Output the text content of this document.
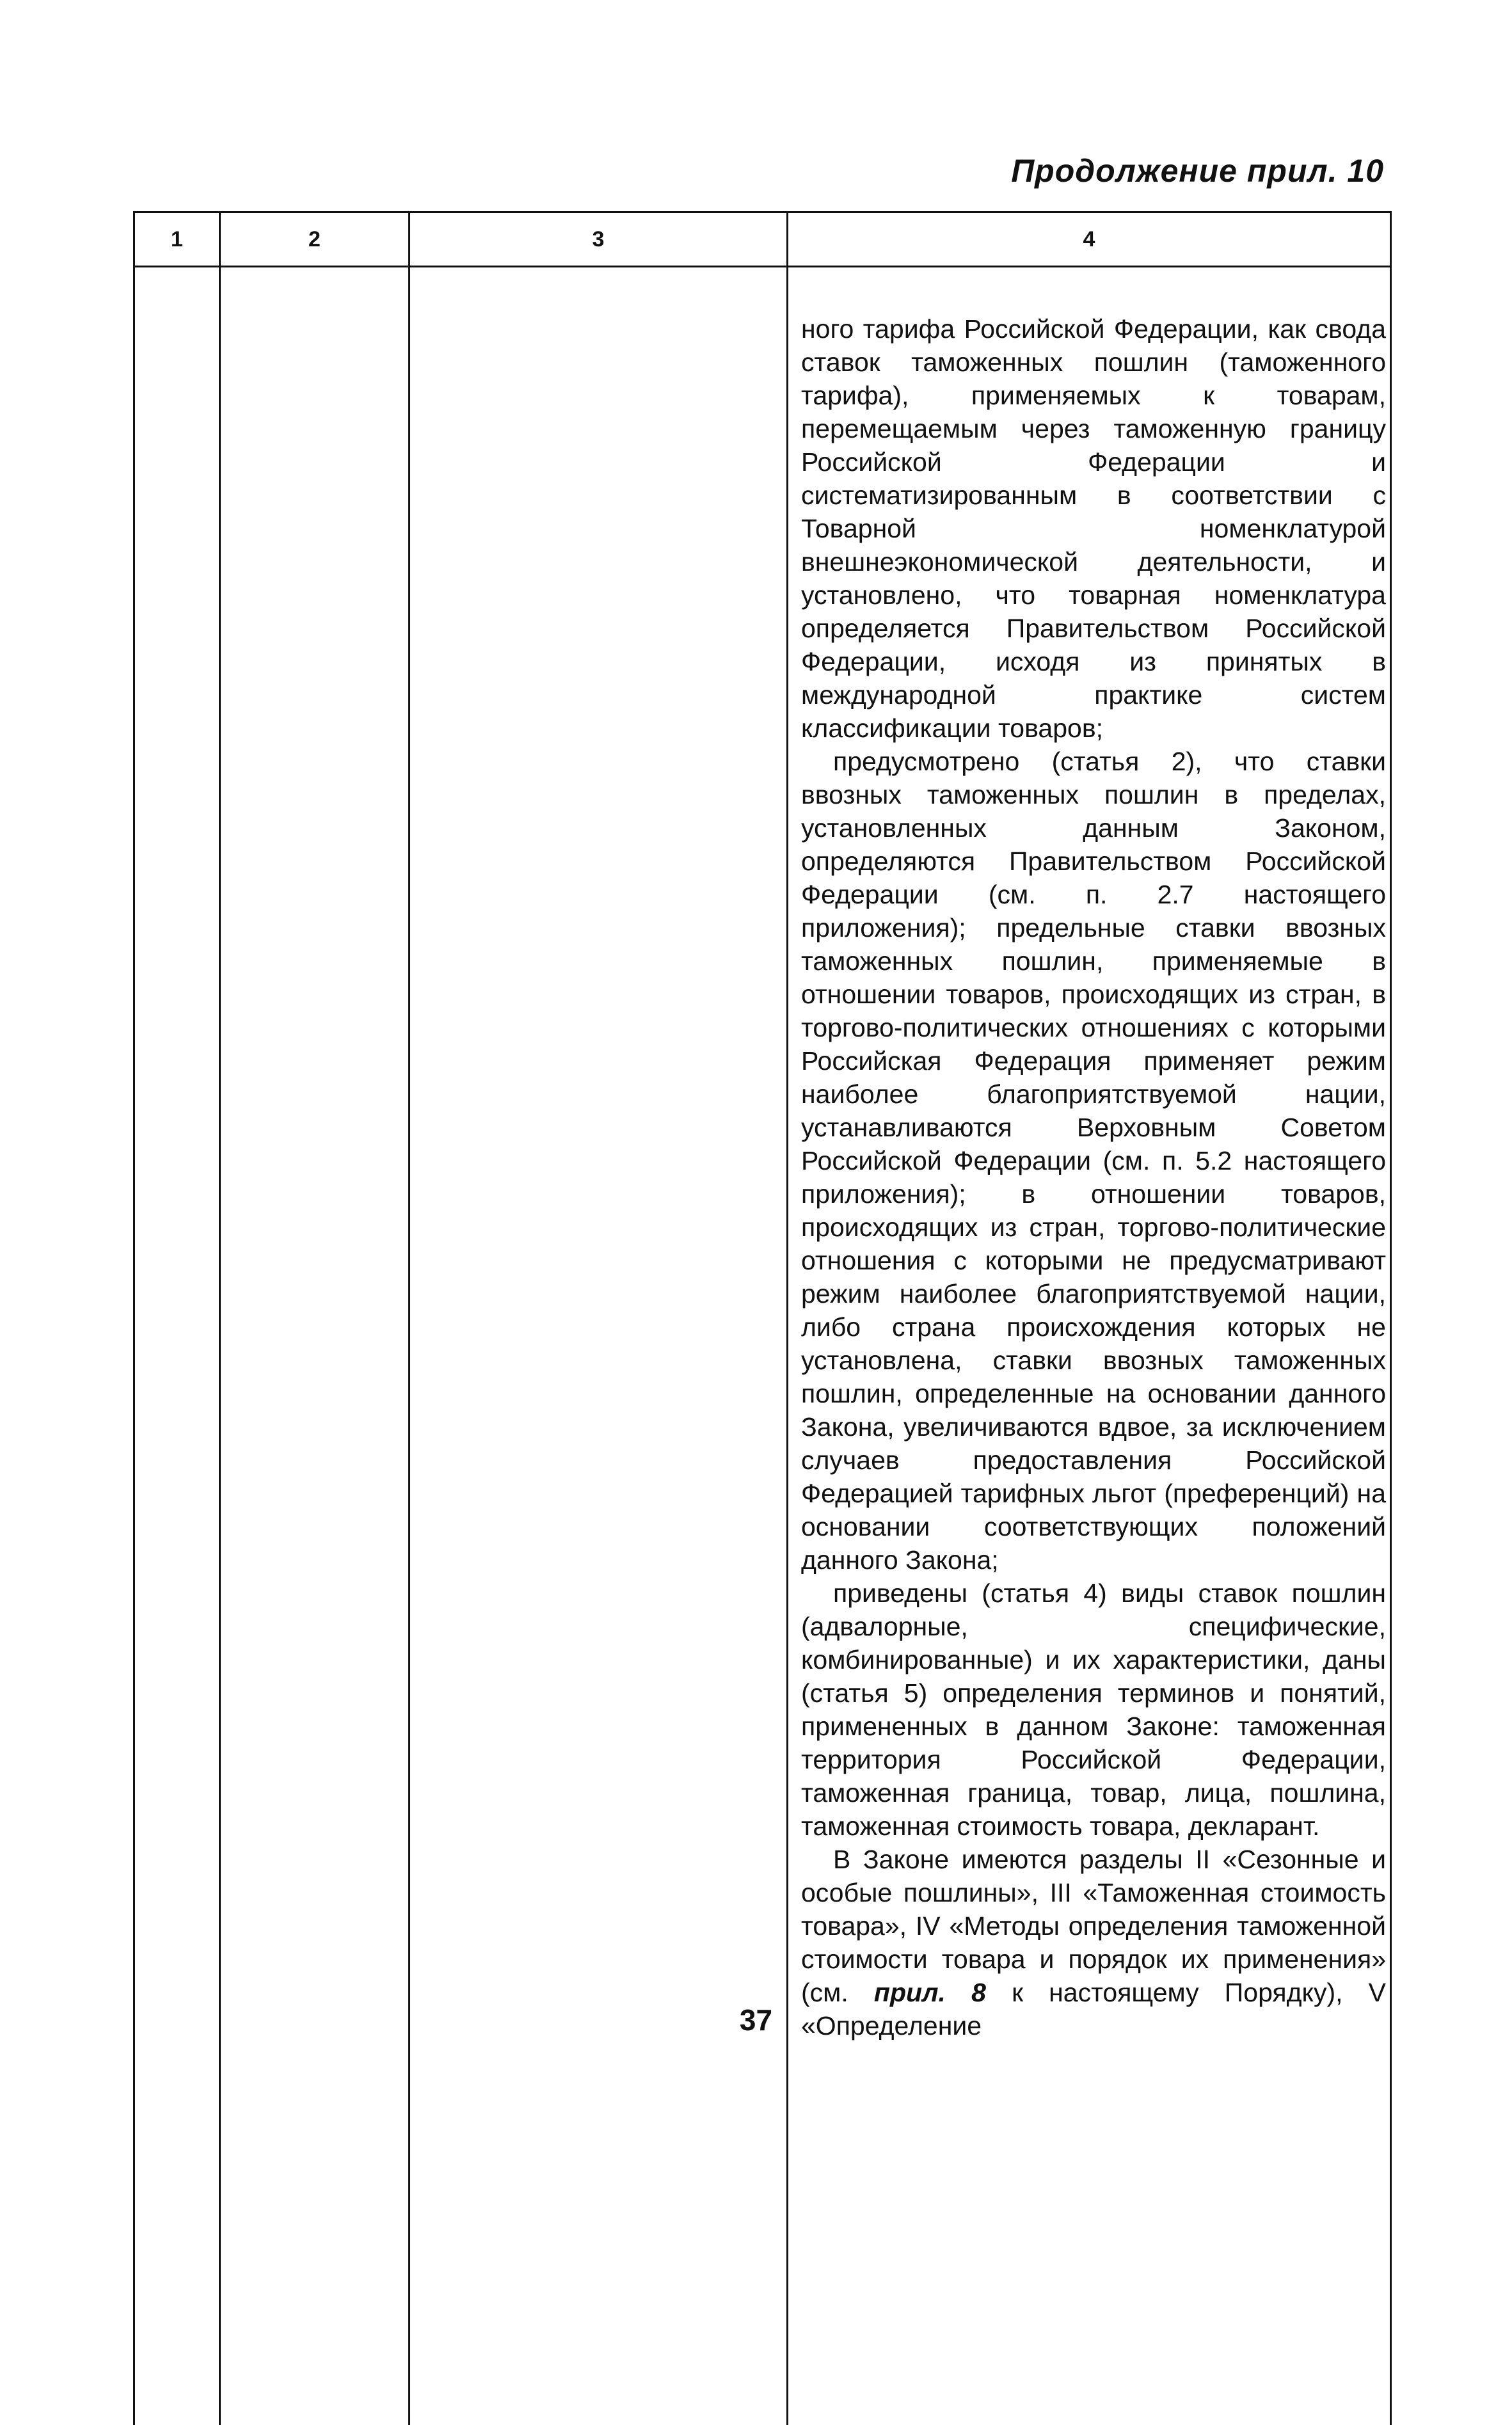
Продолжение прил. 10
1	2	3	4

			ного тарифа Российской Федерации, как свода ставок таможенных пошлин (таможенного тарифа), применяемых к товарам, перемещаемым через таможенную границу Российской Федерации и систематизированным в соответствии с Товарной номенклатурой внешнеэкономической деятельности, и установлено, что товарная номенклатура определяется Правительством Российской Федерации, исходя из принятых в международной практике систем классификации товаров;

предусмотрено (статья 2), что ставки ввозных таможенных пошлин в пределах, установленных данным Законом, определяются Правительством Российской Федерации (см. п. 2.7 настоящего приложения); предельные ставки ввозных таможенных пошлин, применяемые в отношении товаров, происходящих из стран, в торгово-политических отношениях с которыми Российская Федерация применяет режим наиболее благоприятствуемой нации, устанавливаются Верховным Советом Российской Федерации (см. п. 5.2 настоящего приложения); в отношении товаров, происходящих из стран, торгово-политические отношения с которыми не предусматривают режим наиболее благоприятствуемой нации, либо страна происхождения которых не установлена, ставки ввозных таможенных пошлин, определенные на основании данного Закона, увеличиваются вдвое, за исключением случаев предоставления Российской Федерацией тарифных льгот (преференций) на основании соответствующих положений данного Закона;

приведены (статья 4) виды ставок пошлин (адвалорные, специфические, комбинированные) и их характеристики, даны (статья 5) определения терминов и понятий, примененных в данном Законе: таможенная территория Российской Федерации, таможенная граница, товар, лица, пошлина, таможенная стоимость товара, декларант.

В Законе имеются разделы II «Сезонные и особые пошлины», III «Таможенная стоимость товара», IV «Методы определения таможенной стоимости товара и порядок их применения» (см. прил. 8 к настоящему Порядку), V «Определение

37
